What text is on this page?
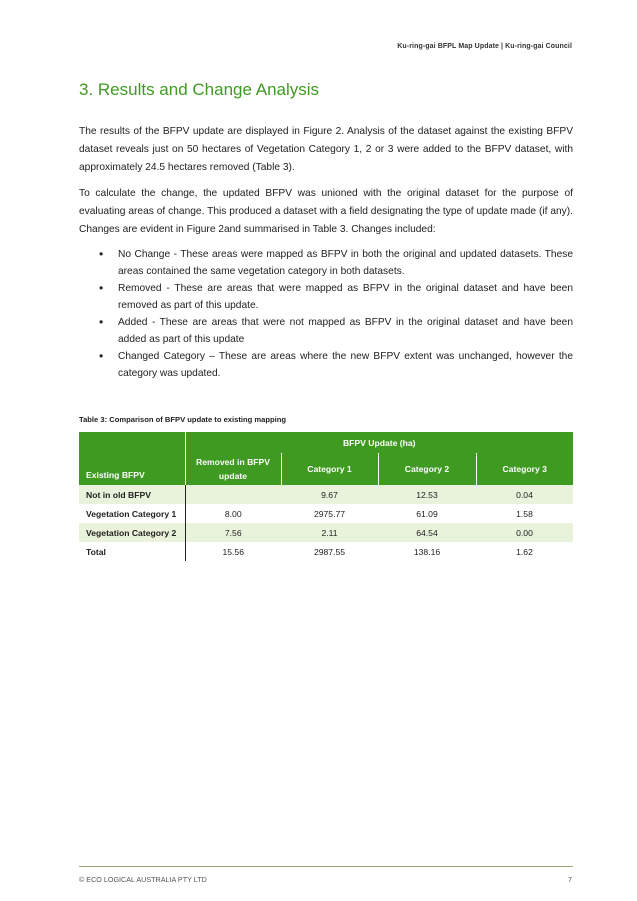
Ku-ring-gai BFPL Map Update | Ku-ring-gai Council
3. Results and Change Analysis

The results of the BFPV update are displayed in Figure 2. Analysis of the dataset against the existing BFPV dataset reveals just on 50 hectares of Vegetation Category 1, 2 or 3 were added to the BFPV dataset, with approximately 24.5 hectares removed (Table 3).

To calculate the change, the updated BFPV was unioned with the original dataset for the purpose of evaluating areas of change. This produced a dataset with a field designating the type of update made (if any). Changes are evident in Figure 2and summarised in Table 3. Changes included:

• No Change - These areas were mapped as BFPV in both the original and updated datasets. These areas contained the same vegetation category in both datasets.
• Removed - These are areas that were mapped as BFPV in the original dataset and have been removed as part of this update.
• Added - These are areas that were not mapped as BFPV in the original dataset and have been added as part of this update
• Changed Category – These are areas where the new BFPV extent was unchanged, however the category was updated.
Table 3: Comparison of BFPV update to existing mapping
Existing BFPV	BFPV Update (ha)			
	Removed in BFPV update	Category 1	Category 2	Category 3
Not in old BFPV		9.67	12.53	0.04
Vegetation Category 1	8.00	2975.77	61.09	1.58
Vegetation Category 2	7.56	2.11	64.54	0.00
Total	15.56	2987.55	138.16	1.62
© ECO LOGICAL AUSTRALIA PTY LTD	7
